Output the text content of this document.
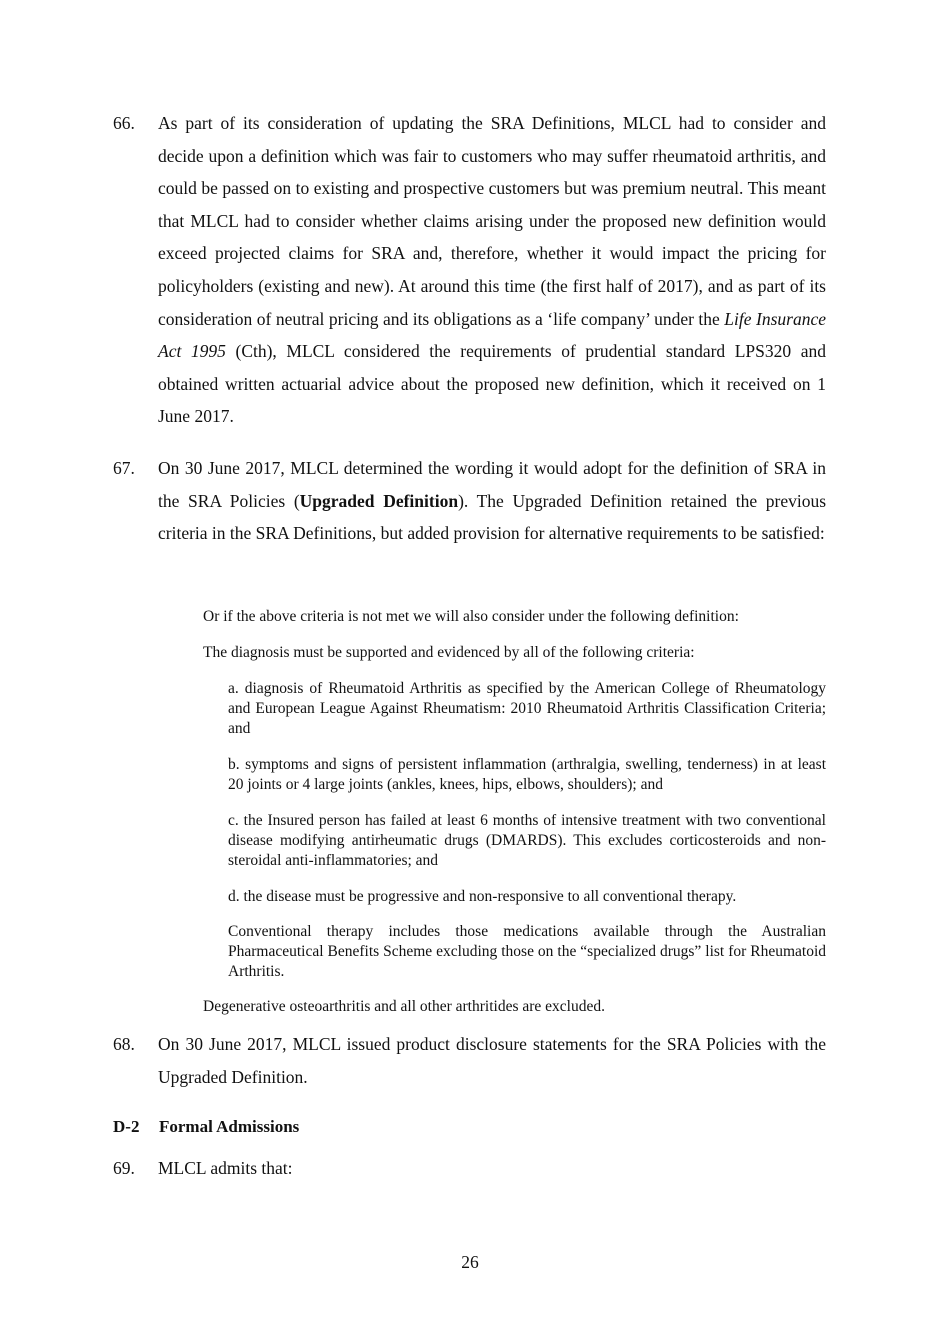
66. As part of its consideration of updating the SRA Definitions, MLCL had to consider and decide upon a definition which was fair to customers who may suffer rheumatoid arthritis, and could be passed on to existing and prospective customers but was premium neutral. This meant that MLCL had to consider whether claims arising under the proposed new definition would exceed projected claims for SRA and, therefore, whether it would impact the pricing for policyholders (existing and new). At around this time (the first half of 2017), and as part of its consideration of neutral pricing and its obligations as a ‘life company’ under the Life Insurance Act 1995 (Cth), MLCL considered the requirements of prudential standard LPS320 and obtained written actuarial advice about the proposed new definition, which it received on 1 June 2017.
67. On 30 June 2017, MLCL determined the wording it would adopt for the definition of SRA in the SRA Policies (Upgraded Definition). The Upgraded Definition retained the previous criteria in the SRA Definitions, but added provision for alternative requirements to be satisfied:
Or if the above criteria is not met we will also consider under the following definition:
The diagnosis must be supported and evidenced by all of the following criteria:
a. diagnosis of Rheumatoid Arthritis as specified by the American College of Rheumatology and European League Against Rheumatism: 2010 Rheumatoid Arthritis Classification Criteria; and
b. symptoms and signs of persistent inflammation (arthralgia, swelling, tenderness) in at least 20 joints or 4 large joints (ankles, knees, hips, elbows, shoulders); and
c. the Insured person has failed at least 6 months of intensive treatment with two conventional disease modifying antirheumatic drugs (DMARDS). This excludes corticosteroids and non-steroidal anti-inflammatories; and
d. the disease must be progressive and non-responsive to all conventional therapy.
Conventional therapy includes those medications available through the Australian Pharmaceutical Benefits Scheme excluding those on the “specialized drugs” list for Rheumatoid Arthritis.
Degenerative osteoarthritis and all other arthritides are excluded.
68. On 30 June 2017, MLCL issued product disclosure statements for the SRA Policies with the Upgraded Definition.
D-2 Formal Admissions
69. MLCL admits that:
26
